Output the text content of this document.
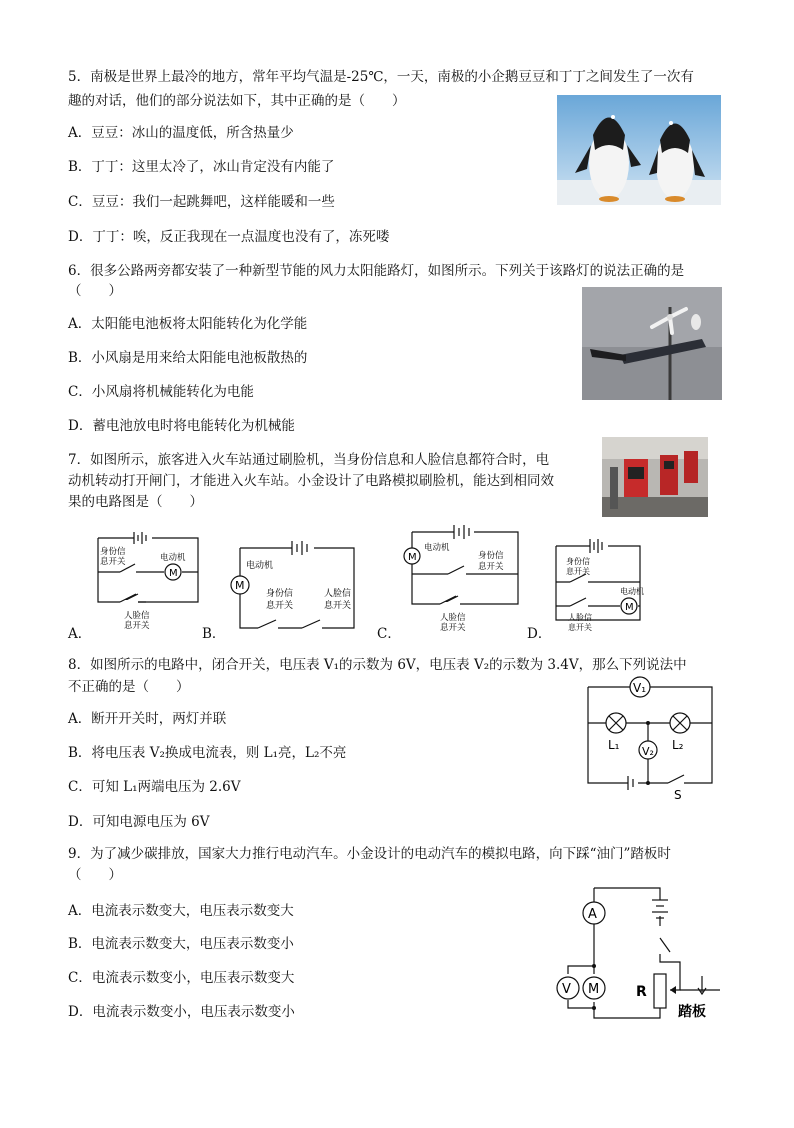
5．南极是世界上最冷的地方，常年平均气温是-25℃，一天，南极的小企鹅豆豆和丁丁之间发生了一次有
趣的对话，他们的部分说法如下，其中正确的是（　　）
A．豆豆：冰山的温度低，所含热量少
B．丁丁：这里太冷了，冰山肯定没有内能了
C．豆豆：我们一起跳舞吧，这样能暖和一些
D．丁丁：唉，反正我现在一点温度也没有了，冻死喽
6．很多公路两旁都安装了一种新型节能的风力太阳能路灯，如图所示。下列关于该路灯的说法正确的是
（　　）
A．太阳能电池板将太阳能转化为化学能
B．小风扇是用来给太阳能电池板散热的
C．小风扇将机械能转化为电能
D．蓄电池放电时将电能转化为机械能
7．如图所示，旅客进入火车站通过刷脸机，当身份信息和人脸信息都符合时，电
动机转动打开闸门，才能进入火车站。小金设计了电路模拟刷脸机，能达到相同效
果的电路图是（　　）
身份信
息开关	电动机
M
人脸信
息开关
A．
电动机
M
身份信
息开关
人脸信
息开关
B．
电动机
M	身份信
息开关
人脸信
息开关
C．
身份信
息开关
电动机
M
人脸信
息开关
D．
8．如图所示的电路中，闭合开关，电压表 V₁的示数为 6V，电压表 V₂的示数为 3.4V，那么下列说法中
不正确的是（　　）
A．断开开关时，两灯并联
B．将电压表 V₂换成电流表，则 L₁亮，L₂不亮
C．可知 L₁两端电压为 2.6V
D．可知电源电压为 6V
V₁
V₂
L₁	L₂
S
9．为了减少碳排放，国家大力推行电动汽车。小金设计的电动汽车的模拟电路，向下踩“油门”踏板时
（　　）
A．电流表示数变大，电压表示数变大
B．电流表示数变大，电压表示数变小
C．电流表示数变小，电压表示数变大
D．电流表示数变小，电压表示数变小
A
M
V	R
踏板
